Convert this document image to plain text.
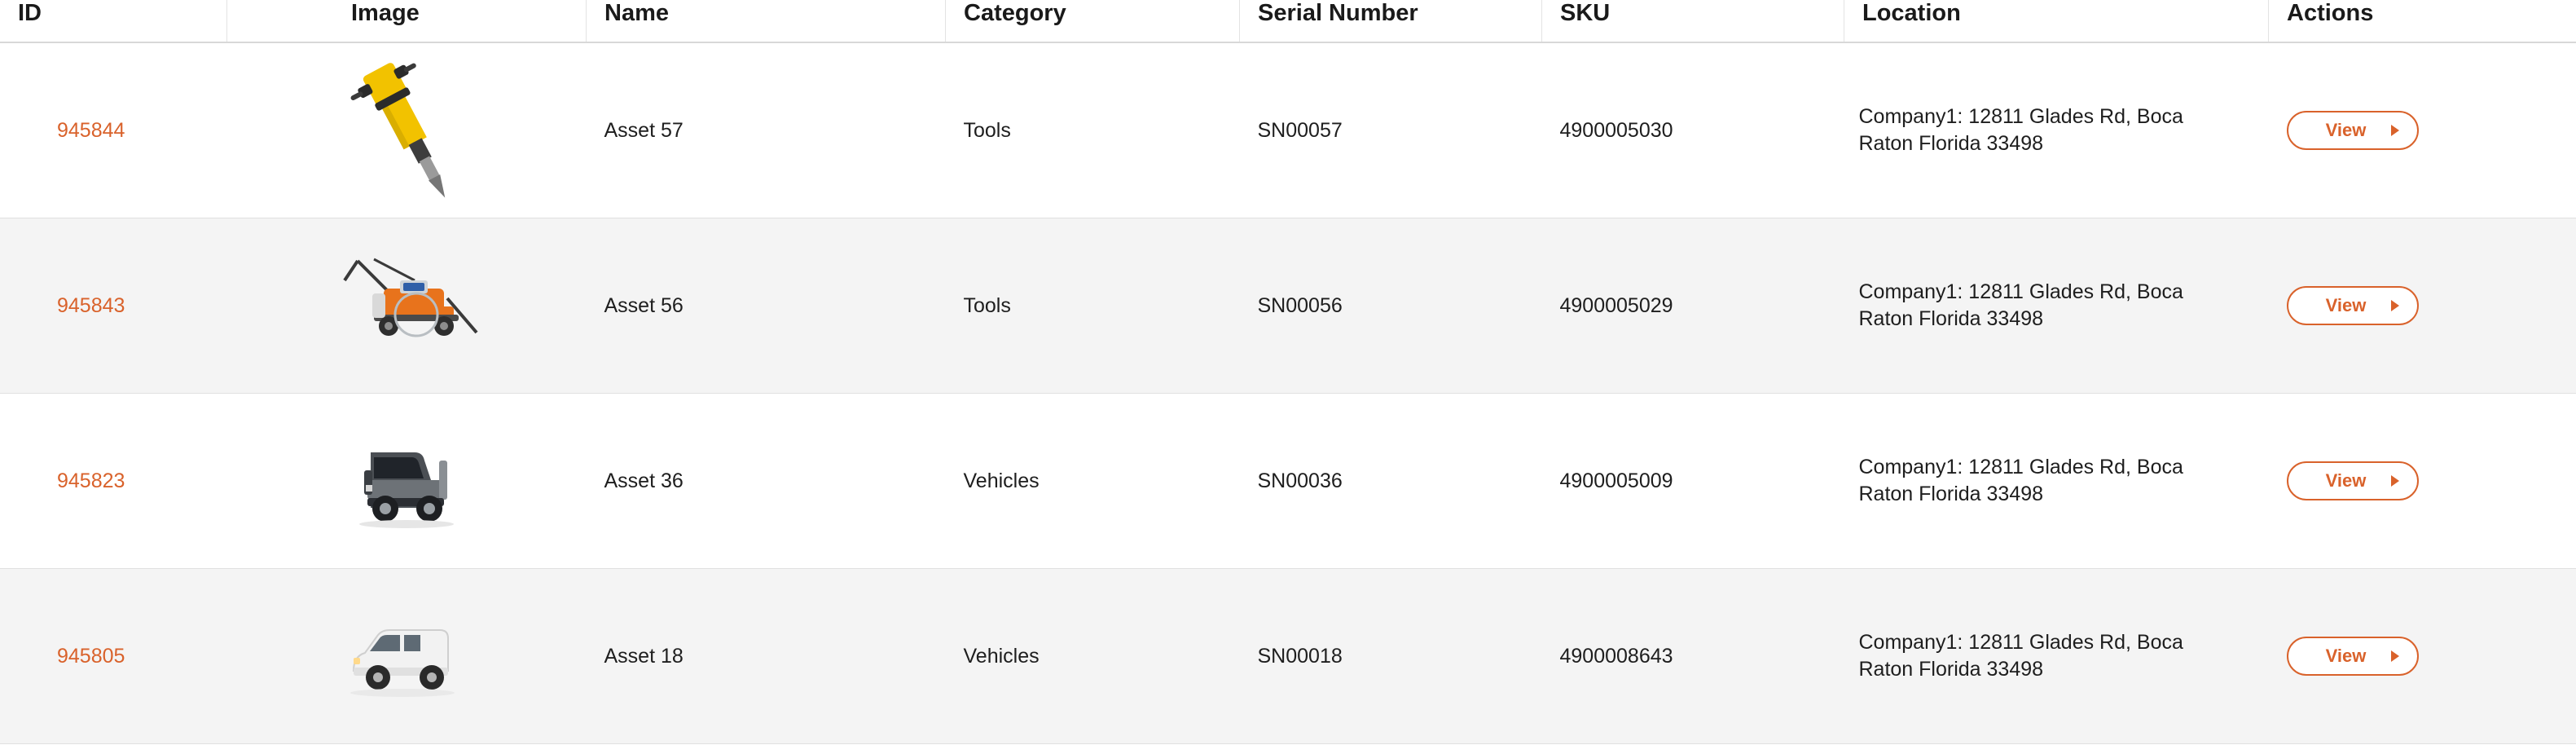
ID	Image	Name	Category	Serial Number	SKU	Location	Actions

945844		Asset 57	Tools	SN00057	4900005030	Company1: 12811 Glades Rd, Boca Raton Florida 33498	View

945843		Asset 56	Tools	SN00056	4900005029	Company1: 12811 Glades Rd, Boca Raton Florida 33498	View

945823		Asset 36	Vehicles	SN00036	4900005009	Company1: 12811 Glades Rd, Boca Raton Florida 33498	View

945805		Asset 18	Vehicles	SN00018	4900008643	Company1: 12811 Glades Rd, Boca Raton Florida 33498	View
